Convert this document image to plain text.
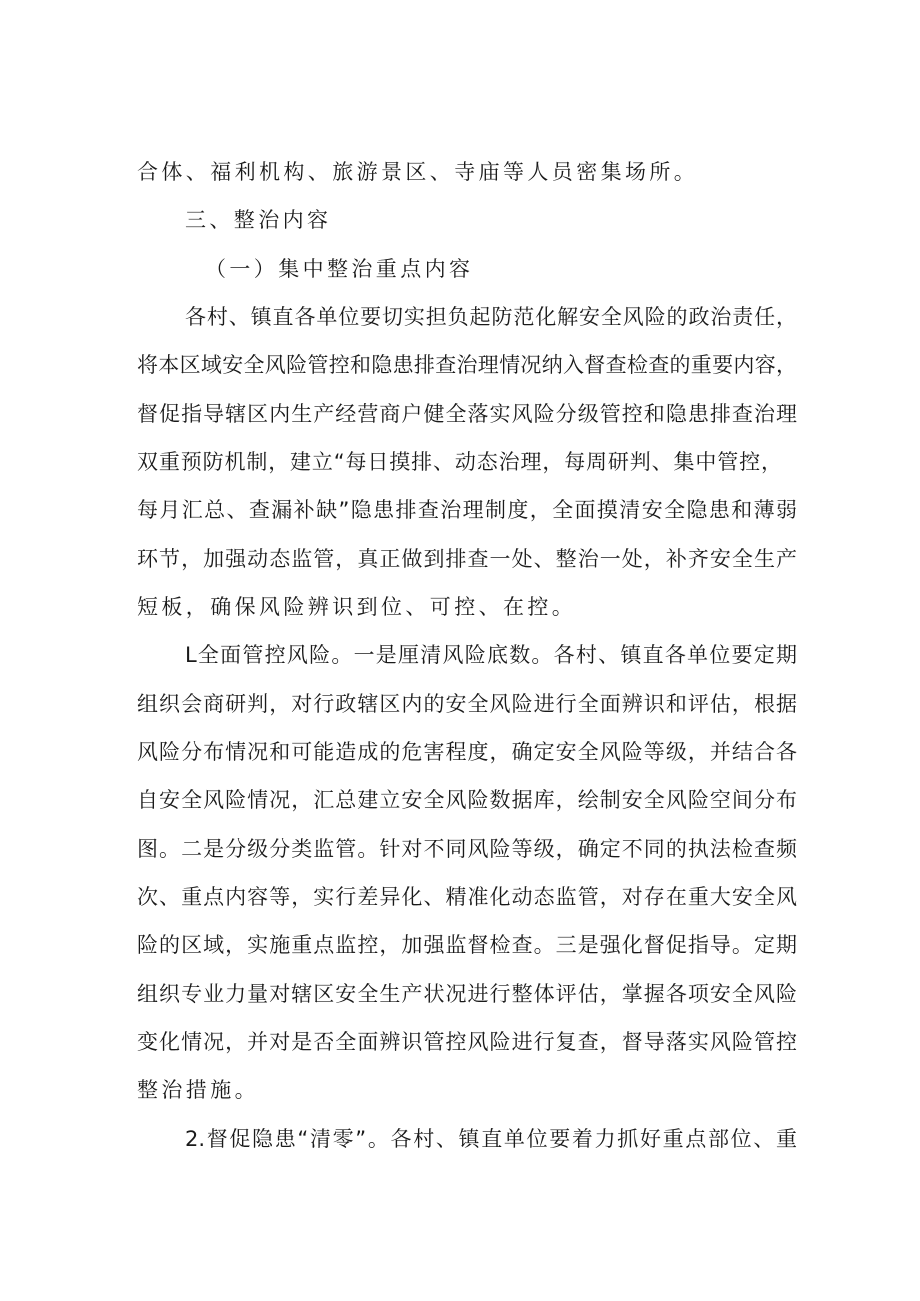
合体、福利机构、旅游景区、寺庙等人员密集场所。
三、整治内容
（一）集中整治重点内容
各村、镇直各单位要切实担负起防范化解安全风险的政治责任，
将本区域安全风险管控和隐患排查治理情况纳入督查检查的重要内容，
督促指导辖区内生产经营商户健全落实风险分级管控和隐患排查治理
双重预防机制，建立“每日摸排、动态治理，每周研判、集中管控，
每月汇总、查漏补缺”隐患排查治理制度，全面摸清安全隐患和薄弱
环节，加强动态监管，真正做到排查一处、整治一处，补齐安全生产
短板，确保风险辨识到位、可控、在控。
L全面管控风险。一是厘清风险底数。各村、镇直各单位要定期
组织会商研判，对行政辖区内的安全风险进行全面辨识和评估，根据
风险分布情况和可能造成的危害程度，确定安全风险等级，并结合各
自安全风险情况，汇总建立安全风险数据库，绘制安全风险空间分布
图。二是分级分类监管。针对不同风险等级，确定不同的执法检查频
次、重点内容等，实行差异化、精准化动态监管，对存在重大安全风
险的区域，实施重点监控，加强监督检查。三是强化督促指导。定期
组织专业力量对辖区安全生产状况进行整体评估，掌握各项安全风险
变化情况，并对是否全面辨识管控风险进行复查，督导落实风险管控
整治措施。
2.督促隐患“清零”。各村、镇直单位要着力抓好重点部位、重
